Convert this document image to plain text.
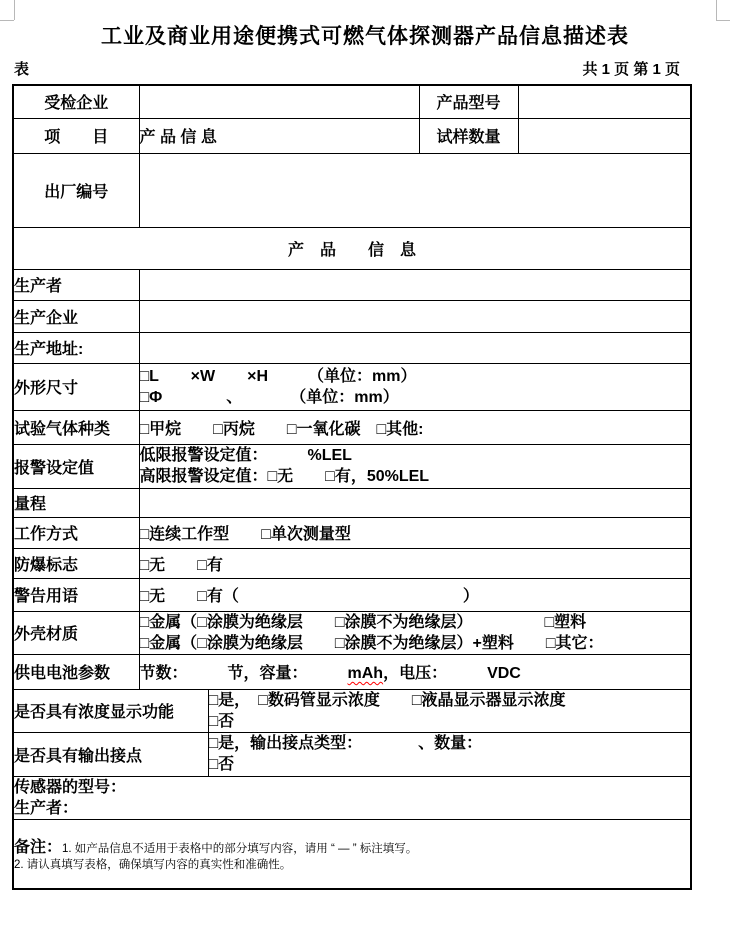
工业及商业用途便携式可燃气体探测器产品信息描述表
表	共 1 页 第 1 页
受检企业			产品型号	
项　　目	产 品 信 息		试样数量	
出厂编号				
产　品　　信　息				
生产者				
生产企业				
生产地址:				
外形尺寸	□L　　×W　　×H　　　（单位：mm）
□Φ　　　　、　　　　（单位：mm）			

试验气体种类	□甲烷　　□丙烷　　□一氧化碳　□其他:			
报警设定值	低限报警设定值：　　　%LEL
高限报警设定值：□无　　□有，50%LEL			

量程				
工作方式	□连续工作型　　□单次测量型			
防爆标志	□无　　□有			
警告用语	□无　　□有（　　　　　　　　　　　　　　）			
外壳材质	□金属（□涂膜为绝缘层　　□涂膜不为绝缘层）　　　　　□塑料
□金属（□涂膜为绝缘层　　□涂膜不为绝缘层）+塑料　　□其它：			

供电电池参数	节数：　　　节，容量：　　　mAh，电压：　　　VDC			
是否具有浓度显示功能		□是，　□数码管显示浓度　　□液晶显示器显示浓度
□否		

是否具有输出接点		□是，输出接点类型：　　　　、数量：
□否		

传感器的型号：
生产者：				

备注：1. 如产品信息不适用于表格中的部分填写内容，请用 “ — ” 标注填写。
2. 请认真填写表格，确保填写内容的真实性和准确性。				
